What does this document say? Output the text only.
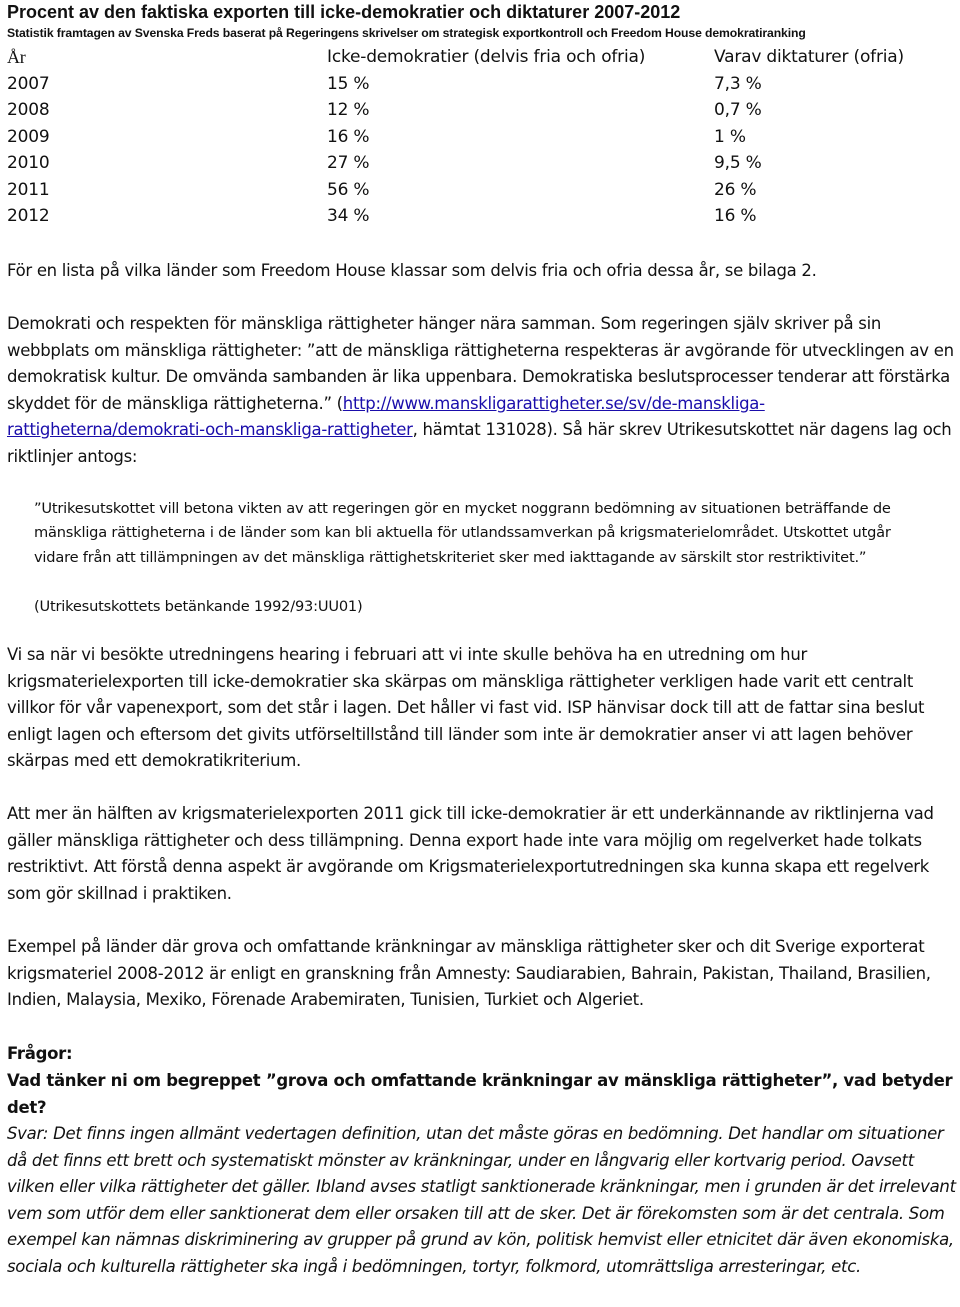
Procent av den faktiska exporten till icke-demokratier och diktaturer 2007-2012
Statistik framtagen av Svenska Freds baserat på Regeringens skrivelser om strategisk exportkontroll och Freedom House demokratiranking
År	Icke-demokratier (delvis fria och ofria)	Varav diktaturer (ofria)
2007	15 %	7,3 %
2008	12 %	0,7 %
2009	16 %	1 %
2010	27 %	9,5 %
2011	56 %	26 %
2012	34 %	16 %

För en lista på vilka länder som Freedom House klassar som delvis fria och ofria dessa år, se bilaga 2.

Demokrati och respekten för mänskliga rättigheter hänger nära samman. Som regeringen själv skriver på sin webbplats om mänskliga rättigheter: ”att de mänskliga rättigheterna respekteras är avgörande för utvecklingen av en demokratisk kultur. De omvända sambanden är lika uppenbara. Demokratiska beslutsprocesser tenderar att förstärka skyddet för de mänskliga rättigheterna.” (http://www.manskligarattigheter.se/sv/de-manskliga-rattigheterna/demokrati-och-manskliga-rattigheter, hämtat 131028). Så här skrev Utrikesutskottet när dagens lag och riktlinjer antogs:

”Utrikesutskottet vill betona vikten av att regeringen gör en mycket noggrann bedömning av situationen beträffande de mänskliga rättigheterna i de länder som kan bli aktuella för utlandssamverkan på krigsmaterielområdet. Utskottet utgår vidare från att tillämpningen av det mänskliga rättighetskriteriet sker med iakttagande av särskilt stor restriktivitet.”

(Utrikesutskottets betänkande 1992/93:UU01)

Vi sa när vi besökte utredningens hearing i februari att vi inte skulle behöva ha en utredning om hur krigsmaterielexporten till icke-demokratier ska skärpas om mänskliga rättigheter verkligen hade varit ett centralt villkor för vår vapenexport, som det står i lagen. Det håller vi fast vid. ISP hänvisar dock till att de fattar sina beslut enligt lagen och eftersom det givits utförseltillstånd till länder som inte är demokratier anser vi att lagen behöver skärpas med ett demokratikriterium.

Att mer än hälften av krigsmaterielexporten 2011 gick till icke-demokratier är ett underkännande av riktlinjerna vad gäller mänskliga rättigheter och dess tillämpning. Denna export hade inte vara möjlig om regelverket hade tolkats restriktivt. Att förstå denna aspekt är avgörande om Krigsmaterielexportutredningen ska kunna skapa ett regelverk som gör skillnad i praktiken.

Exempel på länder där grova och omfattande kränkningar av mänskliga rättigheter sker och dit Sverige exporterat krigsmateriel 2008-2012 är enligt en granskning från Amnesty: Saudiarabien, Bahrain, Pakistan, Thailand, Brasilien, Indien, Malaysia, Mexiko, Förenade Arabemiraten, Tunisien, Turkiet och Algeriet.

Frågor:

Vad tänker ni om begreppet ”grova och omfattande kränkningar av mänskliga rättigheter”, vad betyder det?

Svar: Det finns ingen allmänt vedertagen definition, utan det måste göras en bedömning. Det handlar om situationer då det finns ett brett och systematiskt mönster av kränkningar, under en långvarig eller kortvarig period. Oavsett vilken eller vilka rättigheter det gäller. Ibland avses statligt sanktionerade kränkningar, men i grunden är det irrelevant vem som utför dem eller sanktionerat dem eller orsaken till att de sker. Det är förekomsten som är det centrala. Som exempel kan nämnas diskriminering av grupper på grund av kön, politisk hemvist eller etnicitet där även ekonomiska, sociala och kulturella rättigheter ska ingå i bedömningen, tortyr, folkmord, utomrättsliga arresteringar, etc.
